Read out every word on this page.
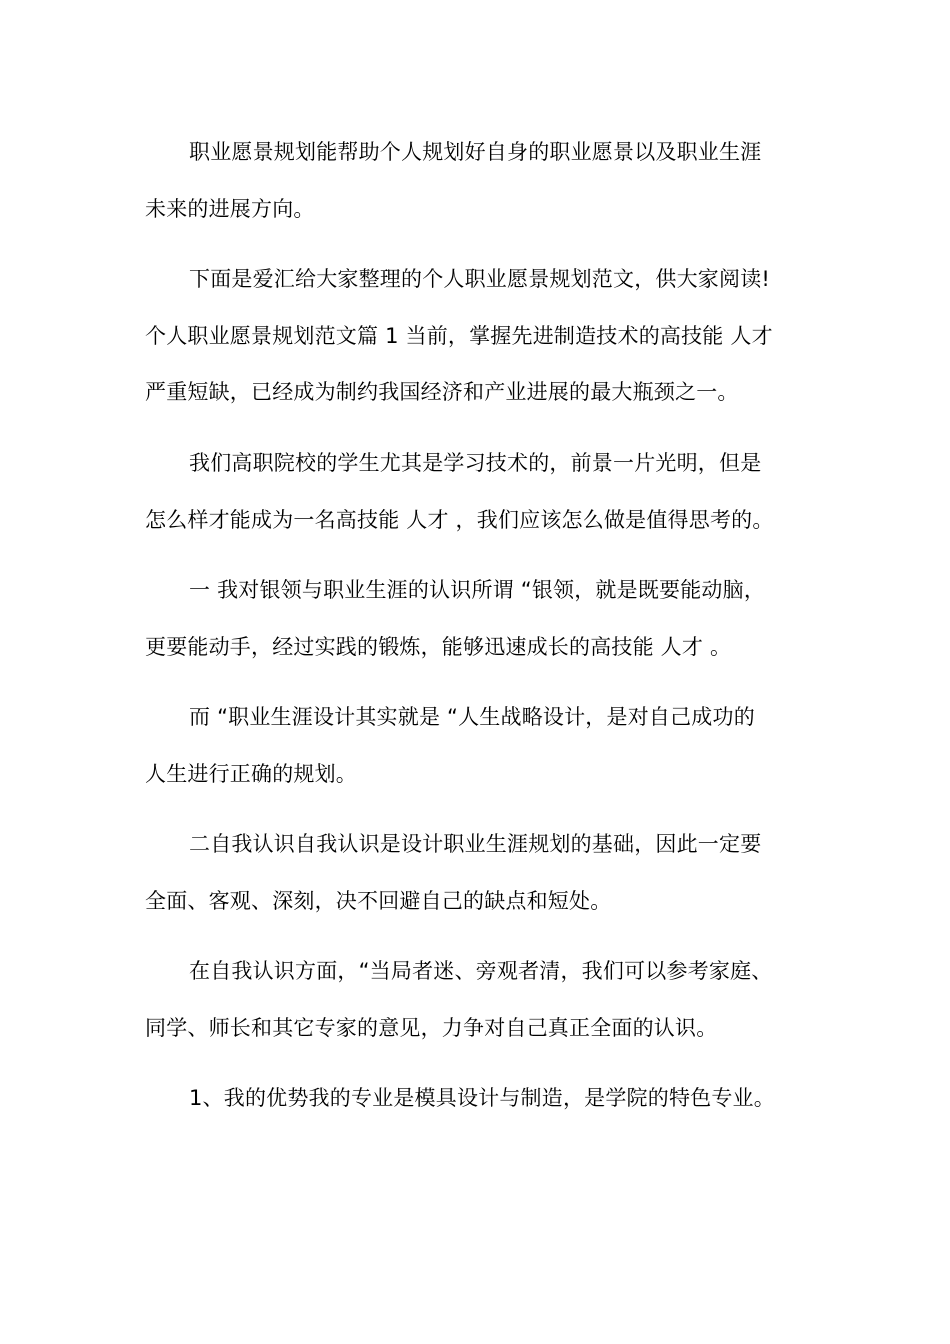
职业愿景规划能帮助个人规划好自身的职业愿景以及职业生涯

未来的进展方向。

下面是爱汇给大家整理的个人职业愿景规划范文，供大家阅读!

个人职业愿景规划范文篇 1 当前，掌握先进制造技术的高技能 人才

严重短缺，已经成为制约我国经济和产业进展的最大瓶颈之一。

我们高职院校的学生尤其是学习技术的，前景一片光明，但是

怎么样才能成为一名高技能 人才 ，我们应该怎么做是值得思考的。

一 我对银领与职业生涯的认识所谓 “银领，就是既要能动脑，

更要能动手，经过实践的锻炼，能够迅速成长的高技能 人才 。

而 “职业生涯设计其实就是 “人生战略设计，是对自己成功的

人生进行正确的规划。

二自我认识自我认识是设计职业生涯规划的基础，因此一定要

全面、客观、深刻，决不回避自己的缺点和短处。

在自我认识方面，“当局者迷、旁观者清，我们可以参考家庭、

同学、师长和其它专家的意见，力争对自己真正全面的认识。

1、我的优势我的专业是模具设计与制造，是学院的特色专业。
